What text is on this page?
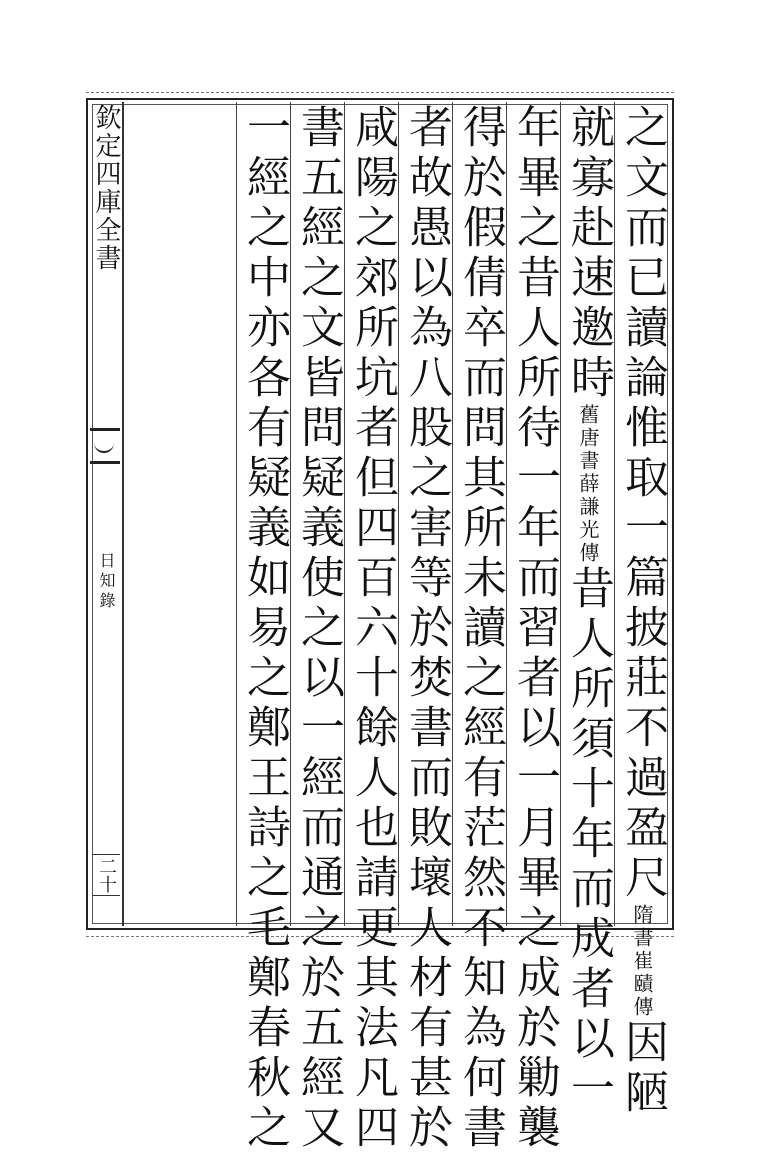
欽定四庫全書
日知錄
二十	之文而已讀論惟取一篇披莊不過盈尺隋書崔賾傳因陋
就寡赴速邀時舊唐書薛謙光傳昔人所須十年而成者以一
年畢之昔人所待一年而習者以一月畢之成於勦襲
得於假倩卒而問其所未讀之經有茫然不知為何書
者故愚以為八股之害等於焚書而敗壞人材有甚於
咸陽之郊所坑者但四百六十餘人也請更其法凡四
書五經之文皆問疑義使之以一經而通之於五經又
一經之中亦各有疑義如易之鄭王詩之毛鄭春秋之
